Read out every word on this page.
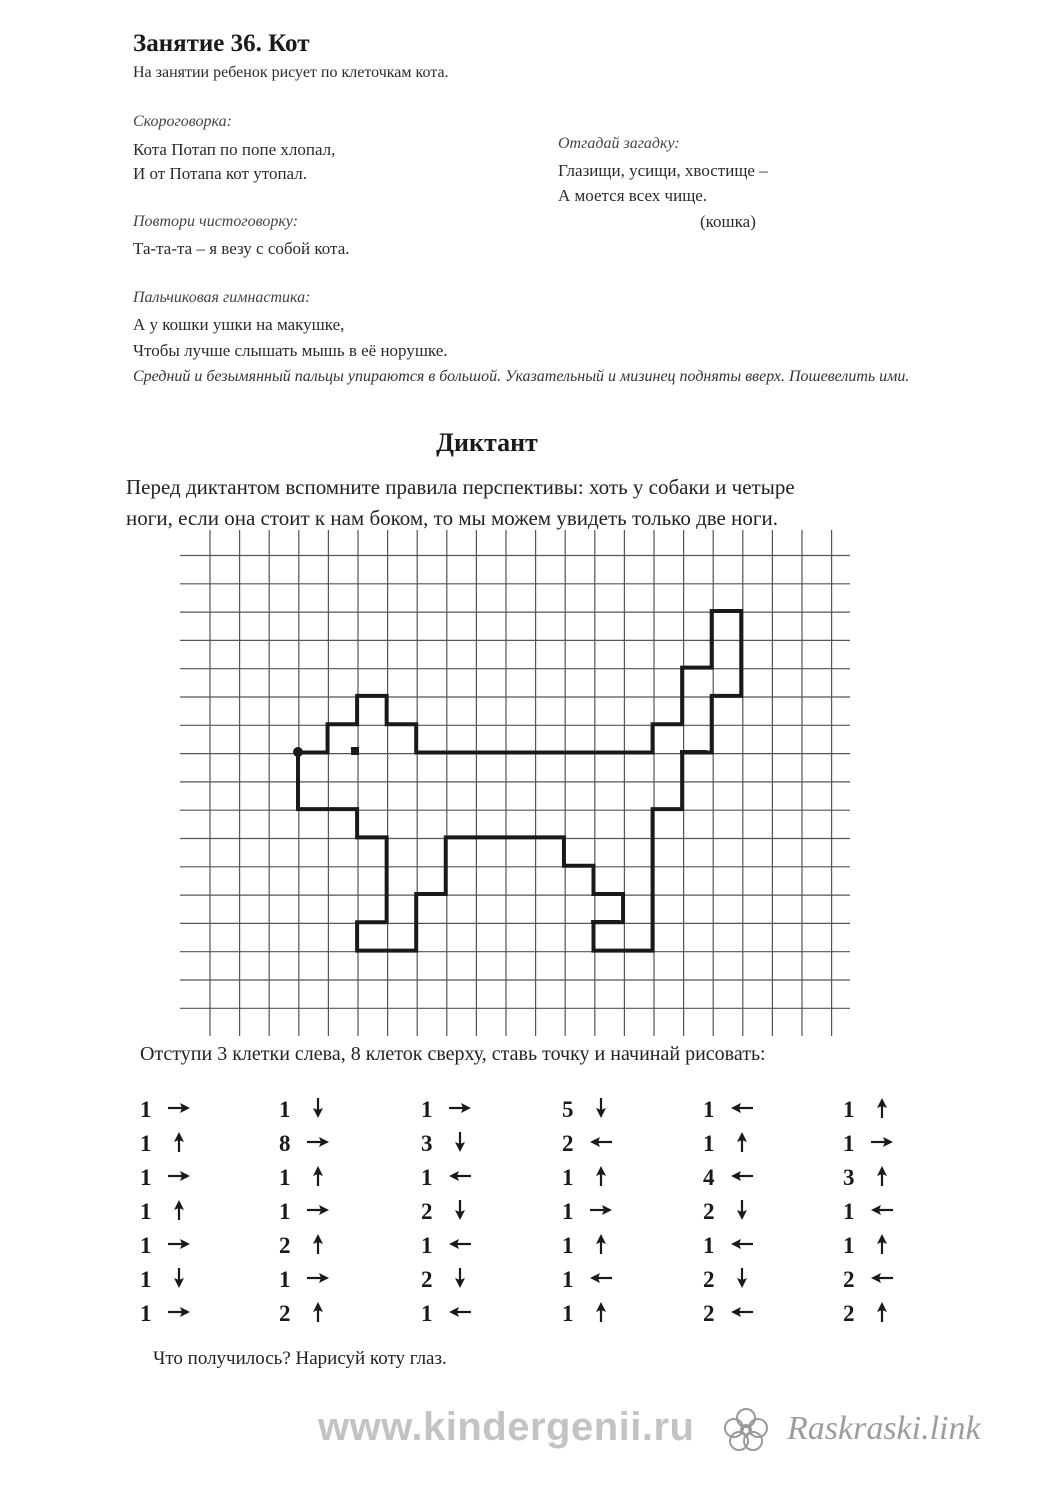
Занятие 36. Кот
На занятии ребенок рисует по клеточкам кота.
Скороговорка:
Кота Потап по попе хлопал,
И от Потапа кот утопал.
Отгадай загадку:
Глазищи, усищи, хвостище –
А моется всех чище.
(кошка)
Повтори чистоговорку:
Та-та-та – я везу с собой кота.
Пальчиковая гимнастика:
А у кошки ушки на макушке,
Чтобы лучше слышать мышь в её норушке.
Средний и безымянный пальцы упираются в большой. Указательный и мизинец подняты вверх. Пошевелить ими.
Диктант
Перед диктантом вспомните правила перспективы: хоть у собаки и четыре
ноги, если она стоит к нам боком, то мы можем увидеть только две ноги.
Отступи 3 клетки слева, 8 клеток сверху, ставь точку и начинай рисовать:
1
1
1
1
1
1
1
1
8
1
1
2
1
2
1
3
1
2
1
2
1
5
2
1
1
1
1
1
1
1
4
2
1
2
2
1
1
3
1
1
2
2
Что получилось? Нарисуй коту глаз.
www.kindergenii.ru	Raskraski.link
